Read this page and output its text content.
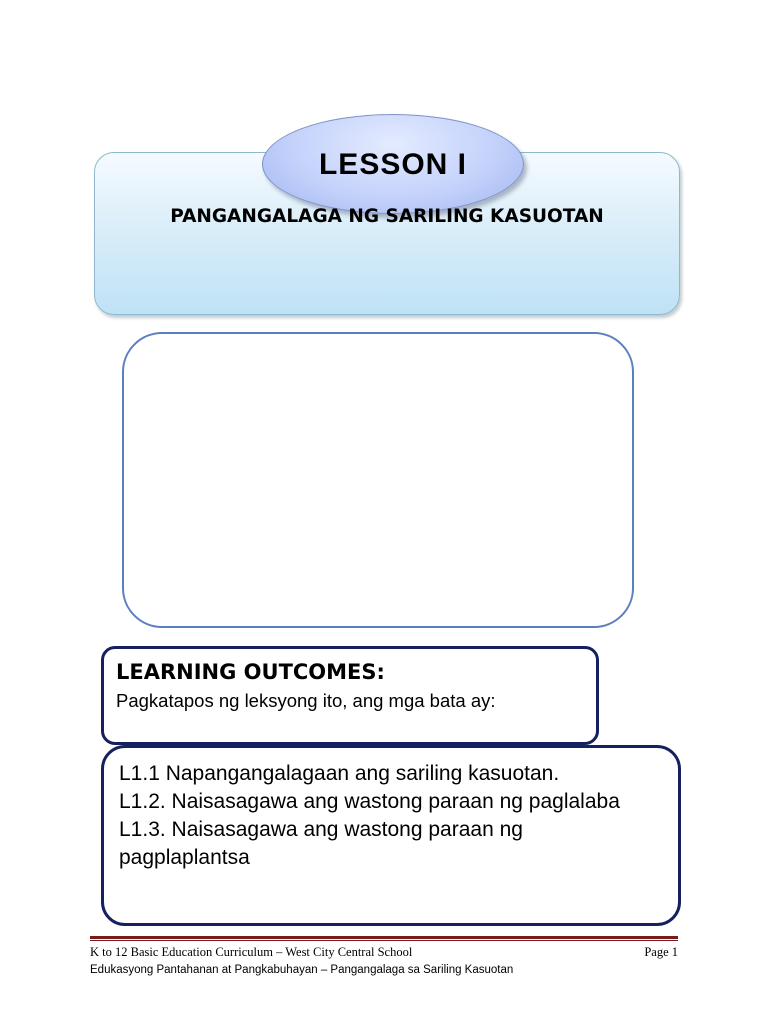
LESSON I
PANGANGALAGA NG SARILING KASUOTAN
LEARNING OUTCOMES:
Pagkatapos ng leksyong ito, ang mga bata ay:
L1.1 Napangangalagaan ang sariling kasuotan.
L1.2. Naisasagawa ang wastong paraan ng paglalaba
L1.3. Naisasagawa ang wastong paraan ng pagplaplantsa
K to 12 Basic Education Curriculum – West City Central School	Page 1
Edukasyong Pantahanan at Pangkabuhayan – Pangangalaga sa Sariling Kasuotan
